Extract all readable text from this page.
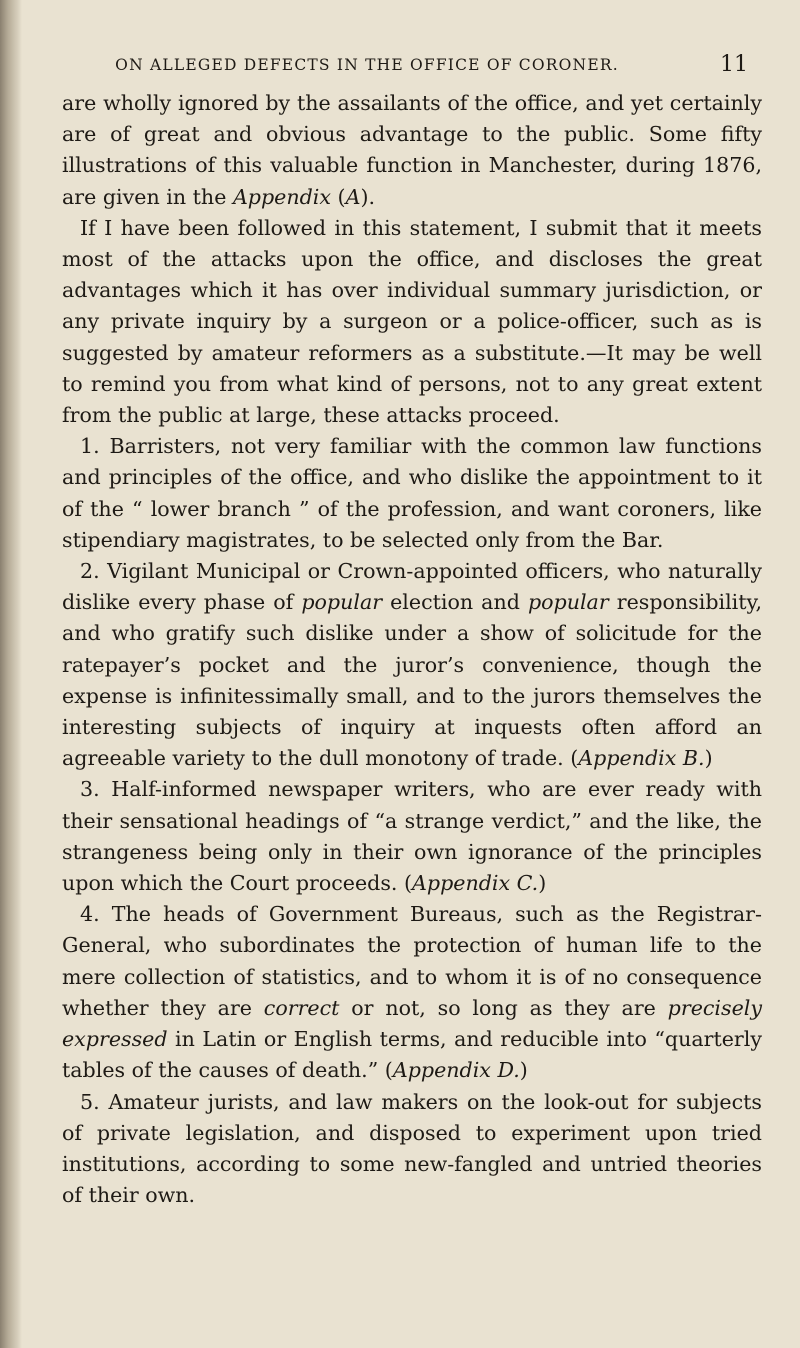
ON ALLEGED DEFECTS IN THE OFFICE OF CORONER.	11

are wholly ignored by the assailants of the office, and yet certainly are of great and obvious advantage to the public. Some fifty illustrations of this valuable function in Manchester, during 1876, are given in the Appendix (A).

If I have been followed in this statement, I submit that it meets most of the attacks upon the office, and discloses the great advantages which it has over individual summary jurisdiction, or any private inquiry by a surgeon or a police-officer, such as is suggested by amateur reformers as a substitute.—It may be well to remind you from what kind of persons, not to any great extent from the public at large, these attacks proceed.

1. Barristers, not very familiar with the common law functions and principles of the office, and who dislike the appointment to it of the “ lower branch ” of the profession, and want coroners, like stipendiary magistrates, to be selected only from the Bar.

2. Vigilant Municipal or Crown-appointed officers, who naturally dislike every phase of popular election and popular responsibility, and who gratify such dislike under a show of solicitude for the ratepayer’s pocket and the juror’s convenience, though the expense is infinitessimally small, and to the jurors themselves the interesting subjects of inquiry at inquests often afford an agreeable variety to the dull monotony of trade. (Appendix B.)

3. Half-informed newspaper writers, who are ever ready with their sensational headings of “a strange verdict,” and the like, the strangeness being only in their own ignorance of the principles upon which the Court proceeds. (Appendix C.)

4. The heads of Government Bureaus, such as the Registrar-General, who subordinates the protection of human life to the mere collection of statistics, and to whom it is of no consequence whether they are correct or not, so long as they are precisely expressed in Latin or English terms, and reducible into “quarterly tables of the causes of death.” (Appendix D.)

5. Amateur jurists, and law makers on the look-out for subjects of private legislation, and disposed to experiment upon tried institutions, according to some new-fangled and untried theories of their own.
